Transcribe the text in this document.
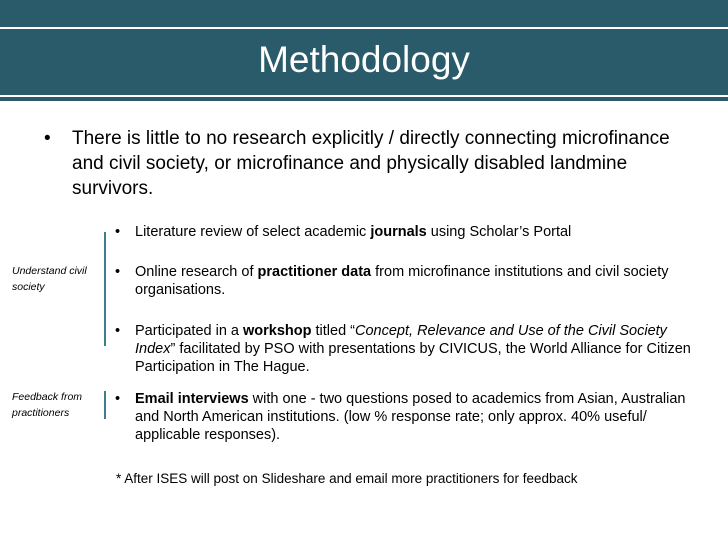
Methodology
• There is little to no research explicitly / directly connecting microfinance and civil society, or microfinance and physically disabled landmine survivors.
Understand civil society
Feedback from practitioners
• Literature review of select academic journals using Scholar’s Portal
• Online research of practitioner data from microfinance institutions and civil society organisations.
• Participated in a workshop titled “Concept, Relevance and Use of the Civil Society Index” facilitated by PSO with presentations by CIVICUS, the World Alliance for Citizen Participation in The Hague.
• Email interviews with one - two questions posed to academics from Asian, Australian and North American institutions. (low % response rate; only approx. 40% useful/ applicable responses).
* After ISES will post on Slideshare and email more practitioners for feedback
